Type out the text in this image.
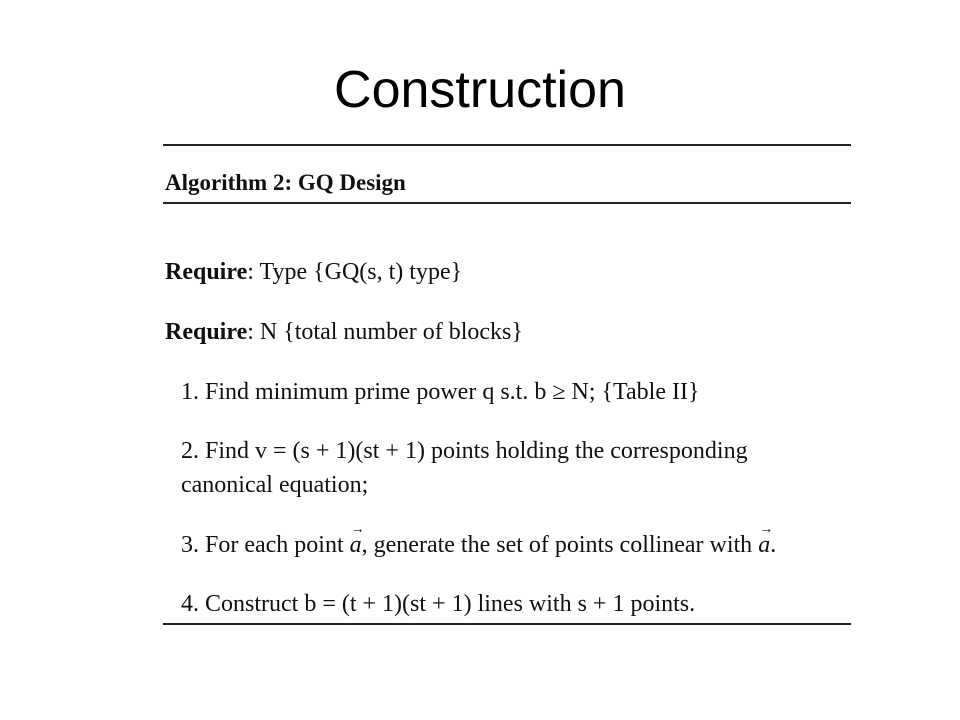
Construction
Algorithm 2: GQ Design
Require: Type {GQ(s, t) type}
Require: N {total number of blocks}
1. Find minimum prime power q s.t. b ≥ N; {Table II}
2. Find v = (s + 1)(st + 1) points holding the corresponding
canonical equation;
3. For each point → a, generate the set of points collinear with → a.
4. Construct b = (t + 1)(st + 1) lines with s + 1 points.
